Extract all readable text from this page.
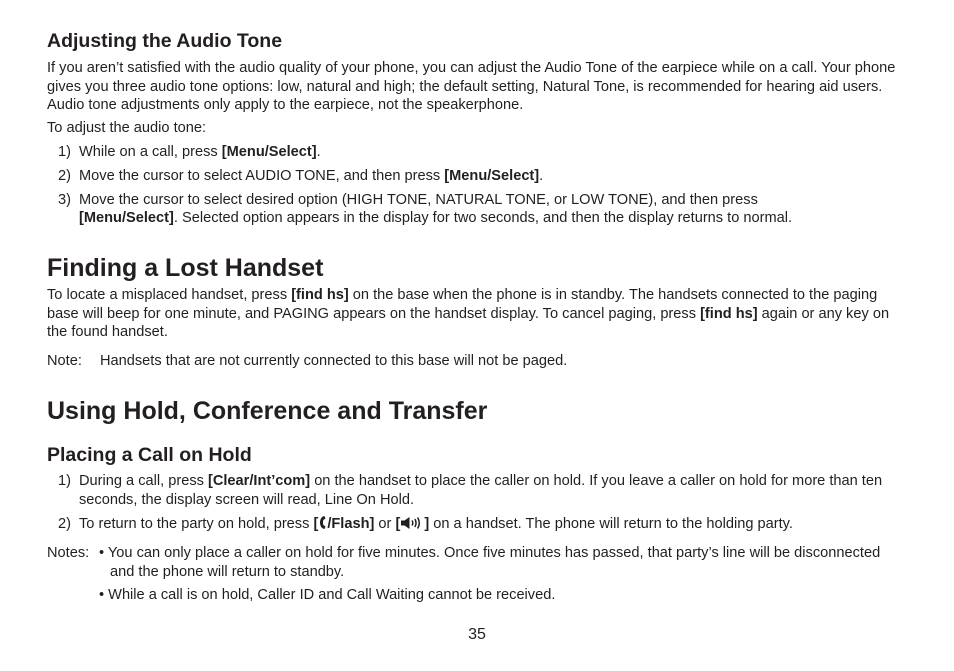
Adjusting the Audio Tone

If you aren’t satisfied with the audio quality of your phone, you can adjust the Audio Tone of the earpiece while on a call. Your phone gives you three audio tone options: low, natural and high; the default setting, Natural Tone, is recommended for hearing aid users. Audio tone adjustments only apply to the earpiece, not the speakerphone.

To adjust the audio tone:

1) While on a call, press [Menu/Select].
2) Move the cursor to select AUDIO TONE, and then press [Menu/Select].
3) Move the cursor to select desired option (HIGH TONE, NATURAL TONE, or LOW TONE), and then press
[Menu/Select]. Selected option appears in the display for two seconds, and then the display returns to normal.
Finding a Lost Handset

To locate a misplaced handset, press [find hs] on the base when the phone is in standby. The handsets connected to the paging base will beep for one minute, and PAGING appears on the handset display. To cancel paging, press [find hs] again or any key on the found handset.

Note: Handsets that are not currently connected to this base will not be paged.
Using Hold, Conference and Transfer
Placing a Call on Hold
1) During a call, press [Clear/Int’com] on the handset to place the caller on hold. If you leave a caller on hold for more than ten seconds, the display screen will read, Line On Hold.
2) To return to the party on hold, press [ /Flash] or [ ] on a handset. The phone will return to the holding party.
Notes: • You can only place a caller on hold for five minutes. Once five minutes has passed, that party’s line will be disconnected and the phone will return to standby.
• While a call is on hold, Caller ID and Call Waiting cannot be received.
35
